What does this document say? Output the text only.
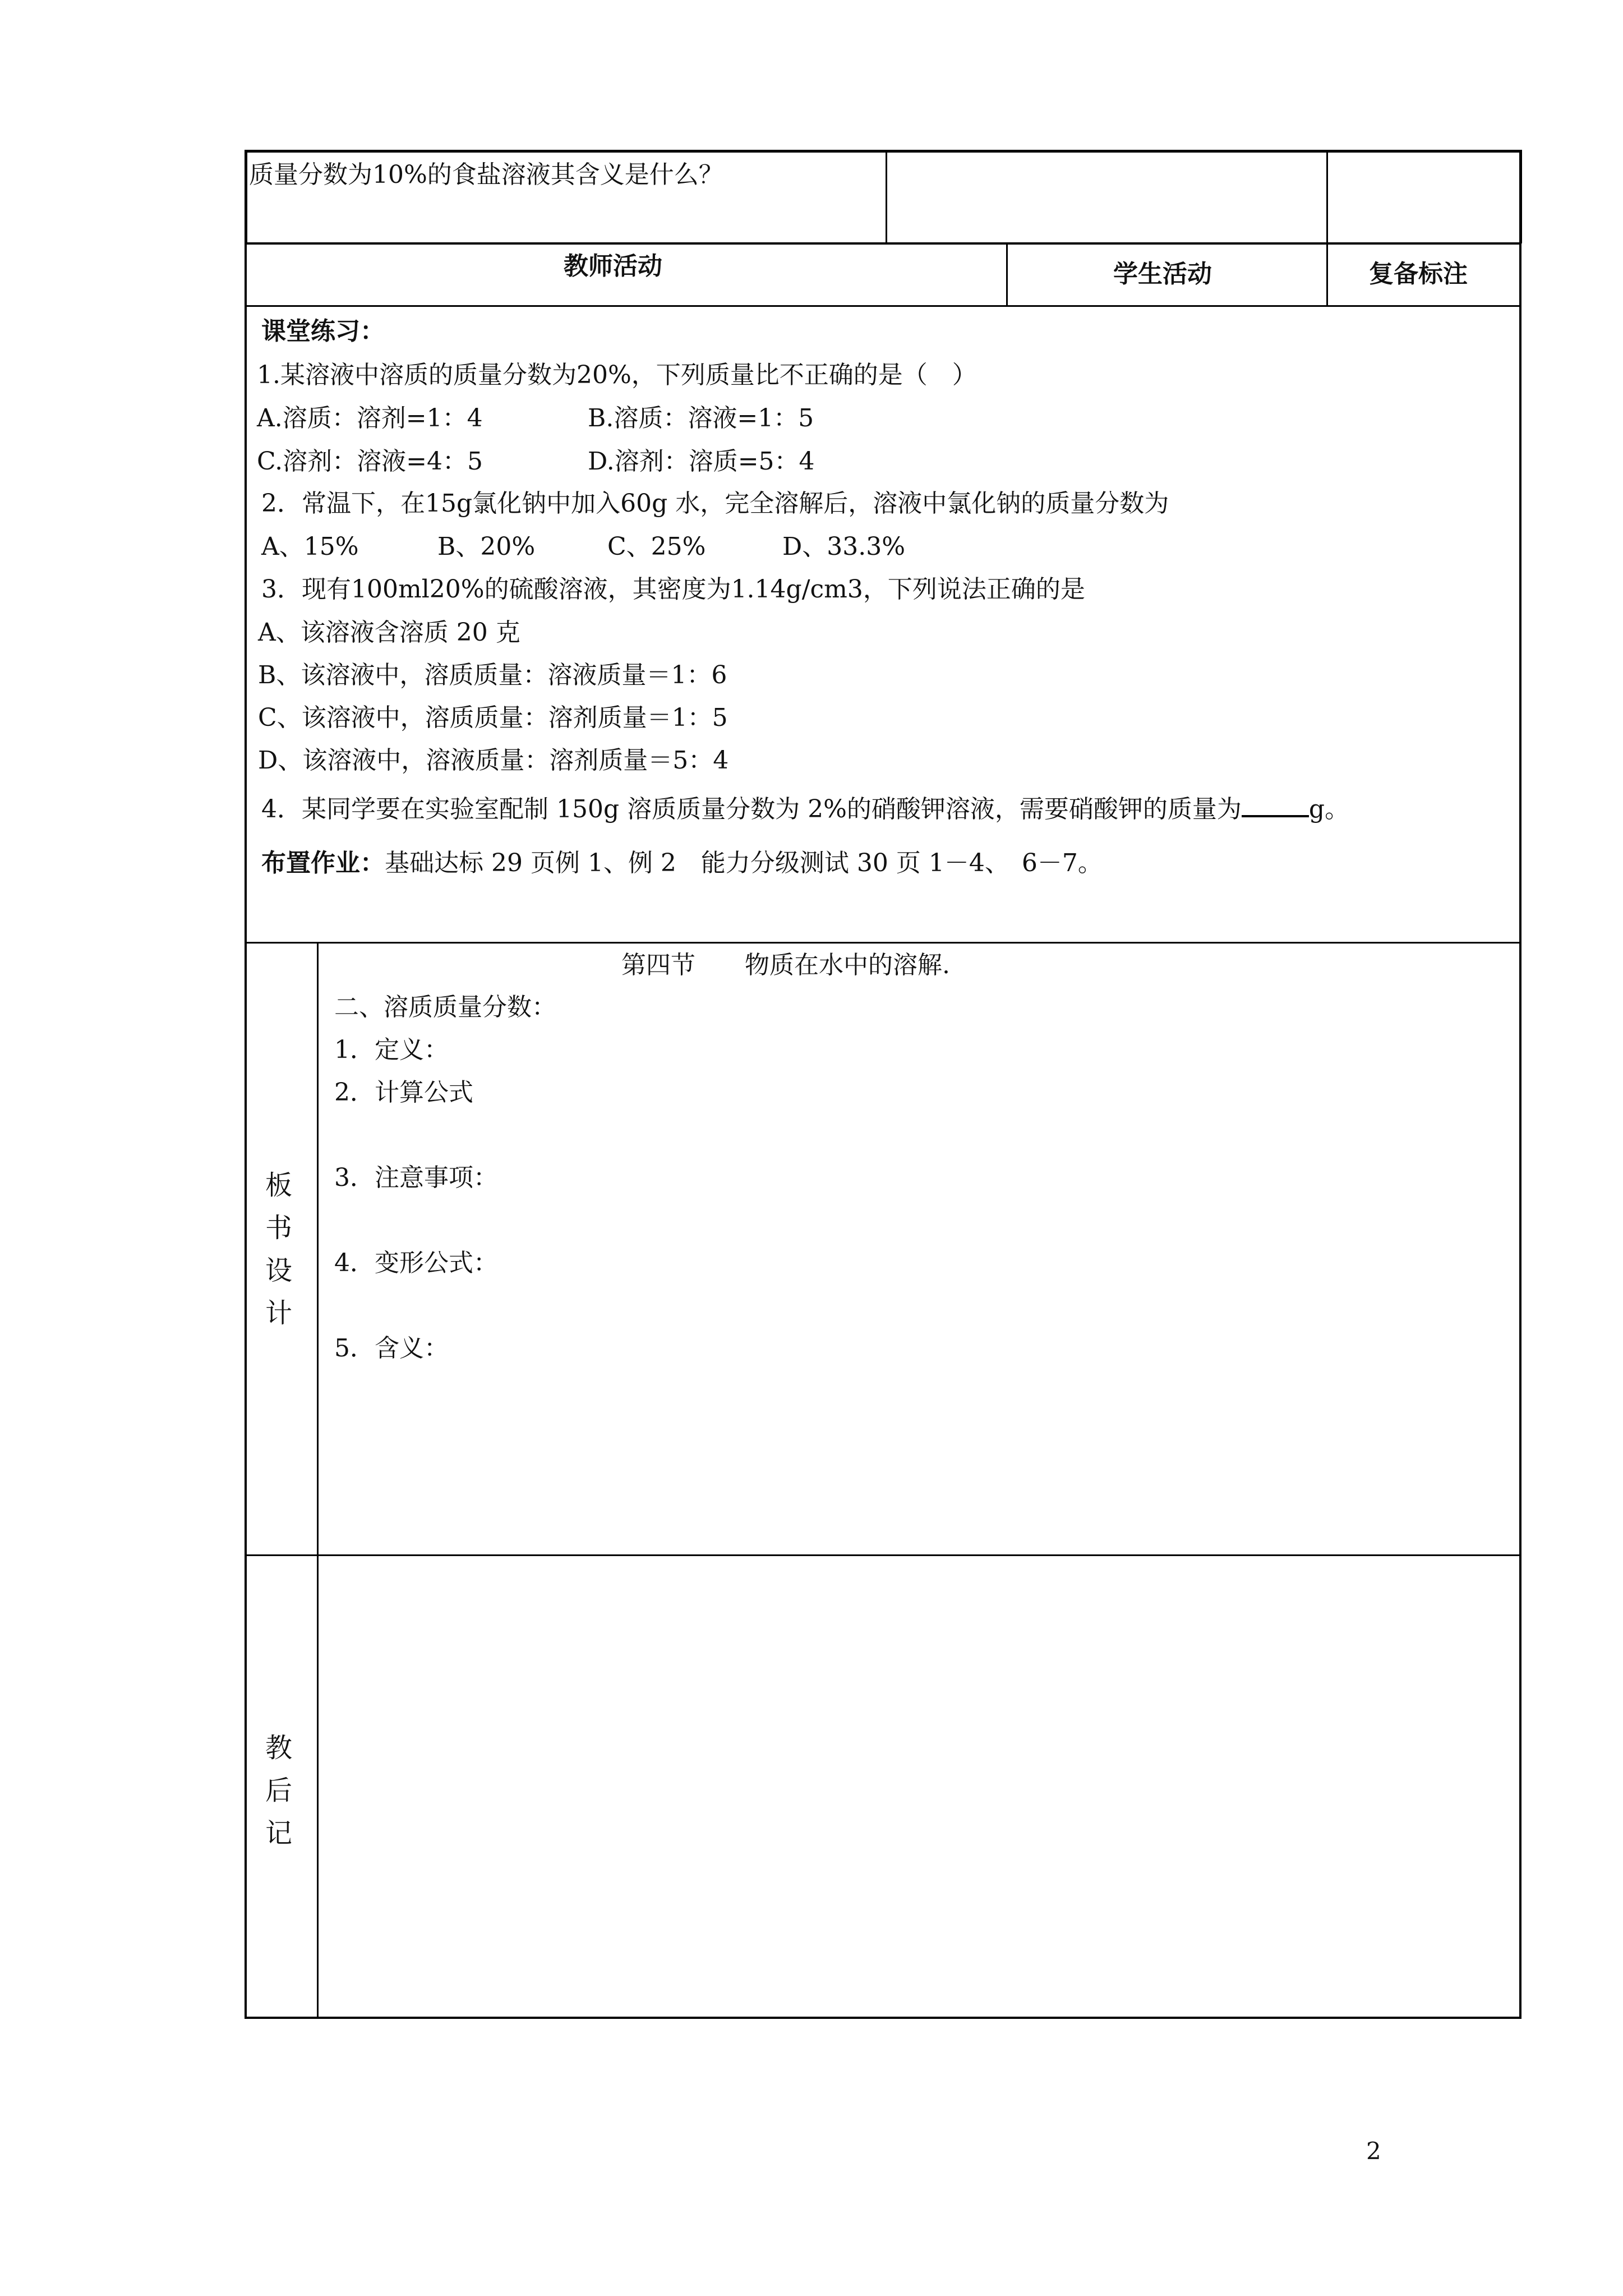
质量分数为10%的食盐溶液其含义是什么？
教师活动	学生活动	复备标注
课堂练习：
1.某溶液中溶质的质量分数为20%，下列质量比不正确的是（　）
A.溶质：溶剂=1：4	B.溶质：溶液=1：5
C.溶剂：溶液=4：5	D.溶剂：溶质=5：4
2．常温下，在15g氯化钠中加入60g 水，完全溶解后，溶液中氯化钠的质量分数为
A、15%	B、20%	C、25%	D、33.3%
3．现有100ml20%的硫酸溶液，其密度为1.14g/cm3，下列说法正确的是
A、该溶液含溶质 20 克
B、该溶液中，溶质质量：溶液质量＝1：6
C、该溶液中，溶质质量：溶剂质量＝1：5
D、该溶液中，溶液质量：溶剂质量＝5：4
4．某同学要在实验室配制 150g 溶质质量分数为 2%的硝酸钾溶液，需要硝酸钾的质量为	g。
布置作业：基础达标 29 页例 1、例 2　能力分级测试 30 页 1－4、　6－7。
板
书
设
计
第四节　　物质在水中的溶解.
二、溶质质量分数：
1．定义：
2．计算公式
3．注意事项：
4．变形公式：
5．含义：
教
后
记
2
